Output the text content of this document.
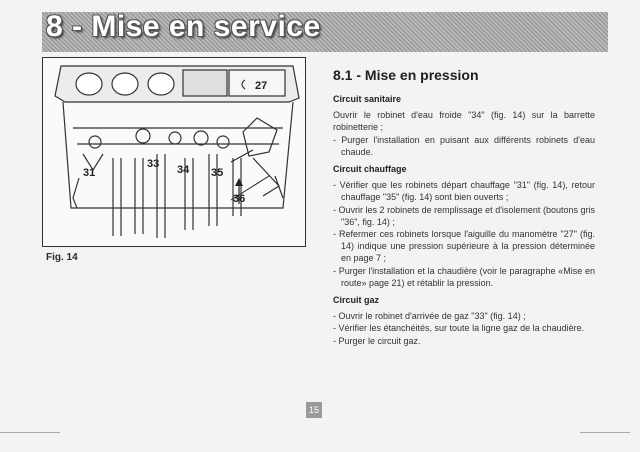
8 - Mise en service
27
31
33 34 35
36
Fig. 14
8.1 - Mise en pression

Circuit sanitaire

Ouvrir le robinet d'eau froide "34" (fig. 14) sur la barrette robinetterie ;

- Purger l'installation en puisant aux différents robinets d'eau chaude.

Circuit chauffage

- Vérifier que les robinets départ chauffage "31" (fig. 14), retour chauffage "35" (fig. 14) sont bien ouverts ;

- Ouvrir les 2 robinets de remplissage et d'isolement (boutons gris "36", fig. 14) ;

- Refermer ces robinets lorsque l'aiguille du manomètre "27" (fig. 14) indique une pression supérieure à la pression déterminée en page 7 ;

- Purger l'installation et la chaudière (voir le paragraphe «Mise en route» page 21) et rétablir la pression.

Circuit gaz

- Ouvrir le robinet d'arrivée de gaz "33" (fig. 14) ;

- Vérifier les étanchéités, sur toute la ligne gaz de la chaudière.

- Purger le circuit gaz.

15
